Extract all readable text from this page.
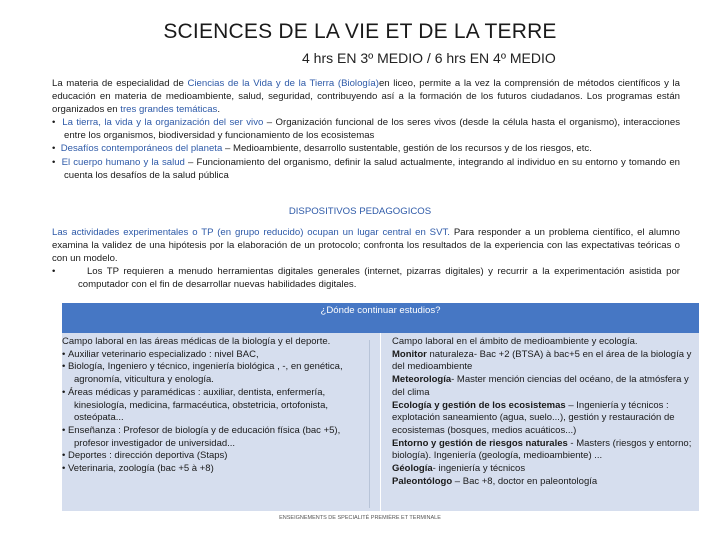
SCIENCES DE LA VIE ET DE LA TERRE
4 hrs EN 3º MEDIO / 6 hrs EN 4º MEDIO
La materia de especialidad de Ciencias de la Vida y de la Tierra (Biología)en liceo, permite a la vez la comprensión de métodos científicos y la educación en materia de medioambiente, salud, seguridad, contribuyendo así a la formación de los futuros ciudadanos. Los programas están organizados en tres grandes temáticas.
•  La tierra, la vida y la organización del ser vivo – Organización funcional de los seres vivos (desde la célula hasta el organismo), interacciones entre los organismos, biodiversidad y funcionamiento de los ecosistemas
•  Desafíos contemporáneos del planeta – Medioambiente, desarrollo sustentable, gestión de los recursos y de los riesgos, etc.
•  El cuerpo humano y la salud – Funcionamiento del organismo, definir la salud actualmente, integrando al individuo en su entorno y tomando en cuenta los desafíos de la salud pública
DISPOSITIVOS PEDAGOGICOS
Las actividades experimentales o TP (en grupo reducido) ocupan un lugar central en SVT. Para responder a un problema científico, el alumno examina la validez de una hipótesis por la elaboración de un protocolo; confronta los resultados de la experiencia con las expectativas teóricas o con un modelo.
•       Los TP requieren a menudo herramientas digitales generales (internet, pizarras digitales) y recurrir a la experimentación asistida por computador con el fin de desarrollar nuevas habilidades digitales.
¿Dónde continuar estudios?
Campo laboral en las áreas médicas de la biología y el deporte.
• Auxiliar veterinario especializado : nivel BAC,
• Biología, Ingeniero y técnico, ingeniería biológica , -, en genética, agronomía, viticultura y enología.
• Áreas médicas y paramédicas : auxiliar, dentista, enfermería, kinesiología, medicina, farmacéutica, obstetricia, ortofonista, osteópata...
• Enseñanza : Profesor de biología y de educación física (bac +5), profesor investigador de universidad...
• Deportes : dirección deportiva (Staps)
• Veterinaria, zoología (bac +5 à +8)
Campo laboral en el ámbito de medioambiente y ecología.
Monitor naturaleza- Bac +2 (BTSA) à bac+5 en el área de la biología y del medioambiente
Meteorología- Master mención ciencias del océano, de la atmósfera y del clima
Ecología y gestión de los ecosistemas – Ingeniería y técnicos : explotación saneamiento (agua, suelo...), gestión y restauración de ecosistemas (bosques, medios acuáticos...)
Entorno y gestión de riesgos naturales - Masters (riesgos y entorno; biología). Ingeniería (geología, medioambiente) ...
Géología- ingeniería y técnicos
Paleontólogo – Bac +8, doctor en paleontología
ENSEIGNEMENTS DE SPECIALITÉ PREMIÈRE ET TERMINALE
